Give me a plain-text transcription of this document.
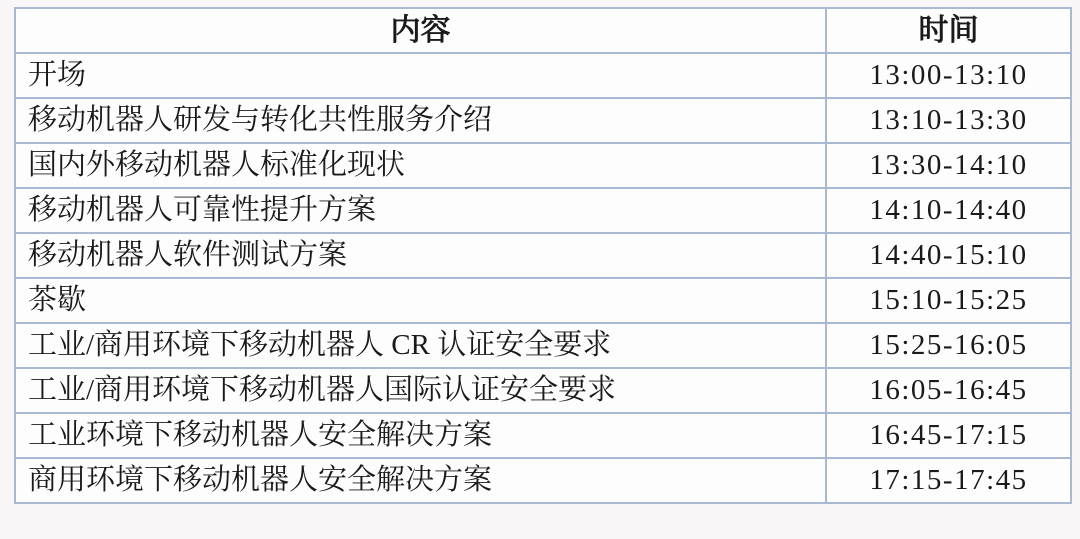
内容	时间
开场	13:00-13:10
移动机器人研发与转化共性服务介绍	13:10-13:30
国内外移动机器人标准化现状	13:30-14:10
移动机器人可靠性提升方案	14:10-14:40
移动机器人软件测试方案	14:40-15:10
茶歇	15:10-15:25
工业/商用环境下移动机器人 CR 认证安全要求	15:25-16:05
工业/商用环境下移动机器人国际认证安全要求	16:05-16:45
工业环境下移动机器人安全解决方案	16:45-17:15
商用环境下移动机器人安全解决方案	17:15-17:45
